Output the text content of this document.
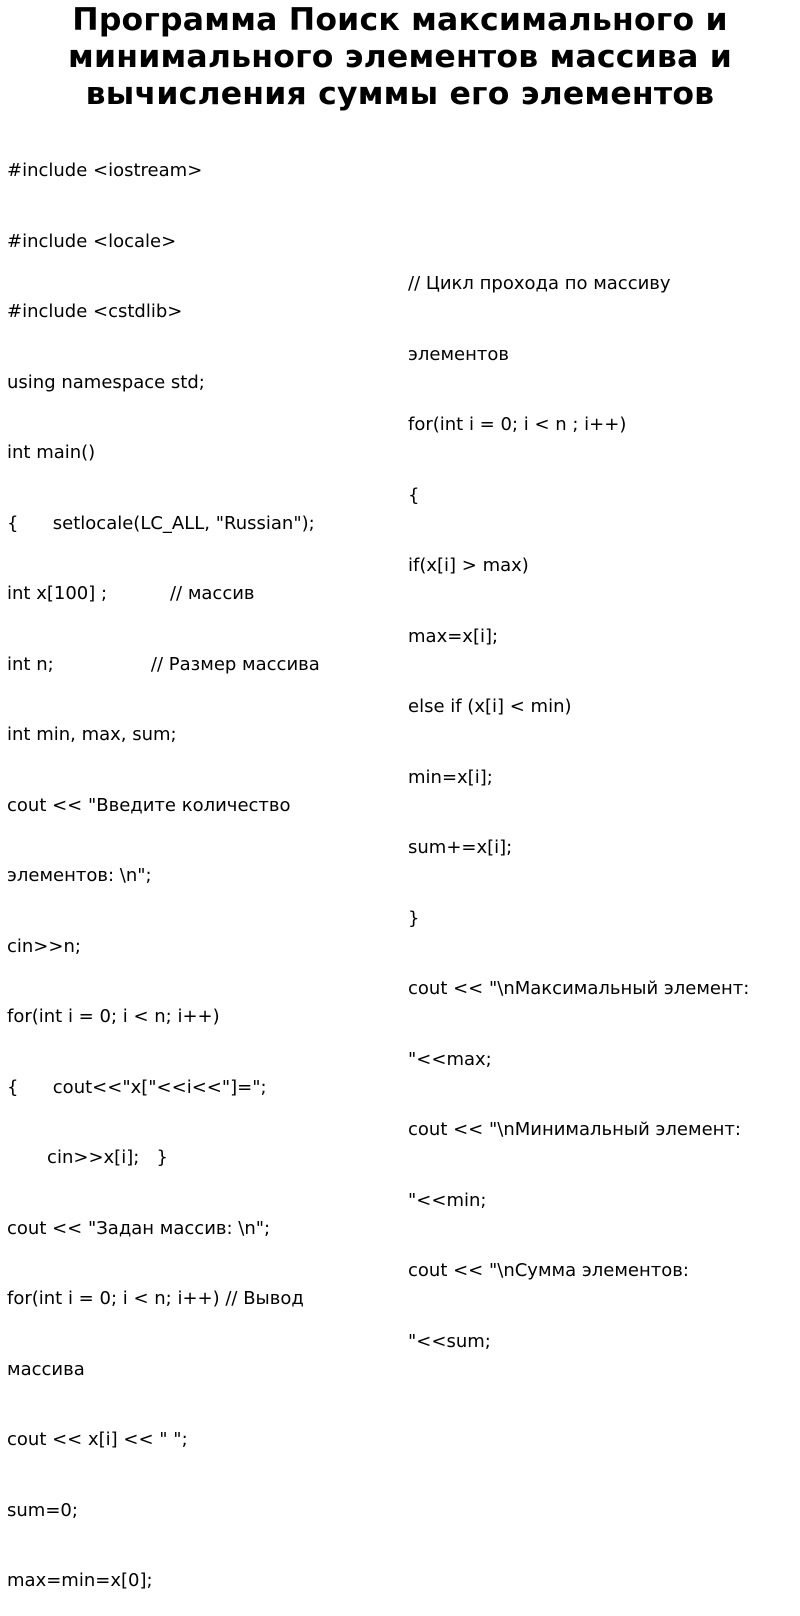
Программа Поиск максимального и
минимального элементов массива и
вычисления суммы его элементов

#include <iostream>

#include <locale>

#include <cstdlib>

using namespace std;

int main()

{      setlocale(LC_ALL, "Russian");

int x[100] ;           // массив

int n;                 // Размер массива

int min, max, sum;

cout << "Введите количество

элементов: \n";

cin>>n;

for(int i = 0; i < n; i++)

{      cout<<"x["<<i<<"]=";

cin>>x[i];   }

cout << "Задан массив: \n";

for(int i = 0; i < n; i++) // Вывод

массива

cout << x[i] << " ";

sum=0;

max=min=x[0];

// Цикл прохода по массиву

элементов

for(int i = 0; i < n ; i++)

{

if(x[i] > max)

max=x[i];

else if (x[i] < min)

min=x[i];

sum+=x[i];

}

cout << "\nМаксимальный элемент:

"<<max;

cout << "\nМинимальный элемент:

"<<min;

cout << "\nСумма элементов:

"<<sum;
